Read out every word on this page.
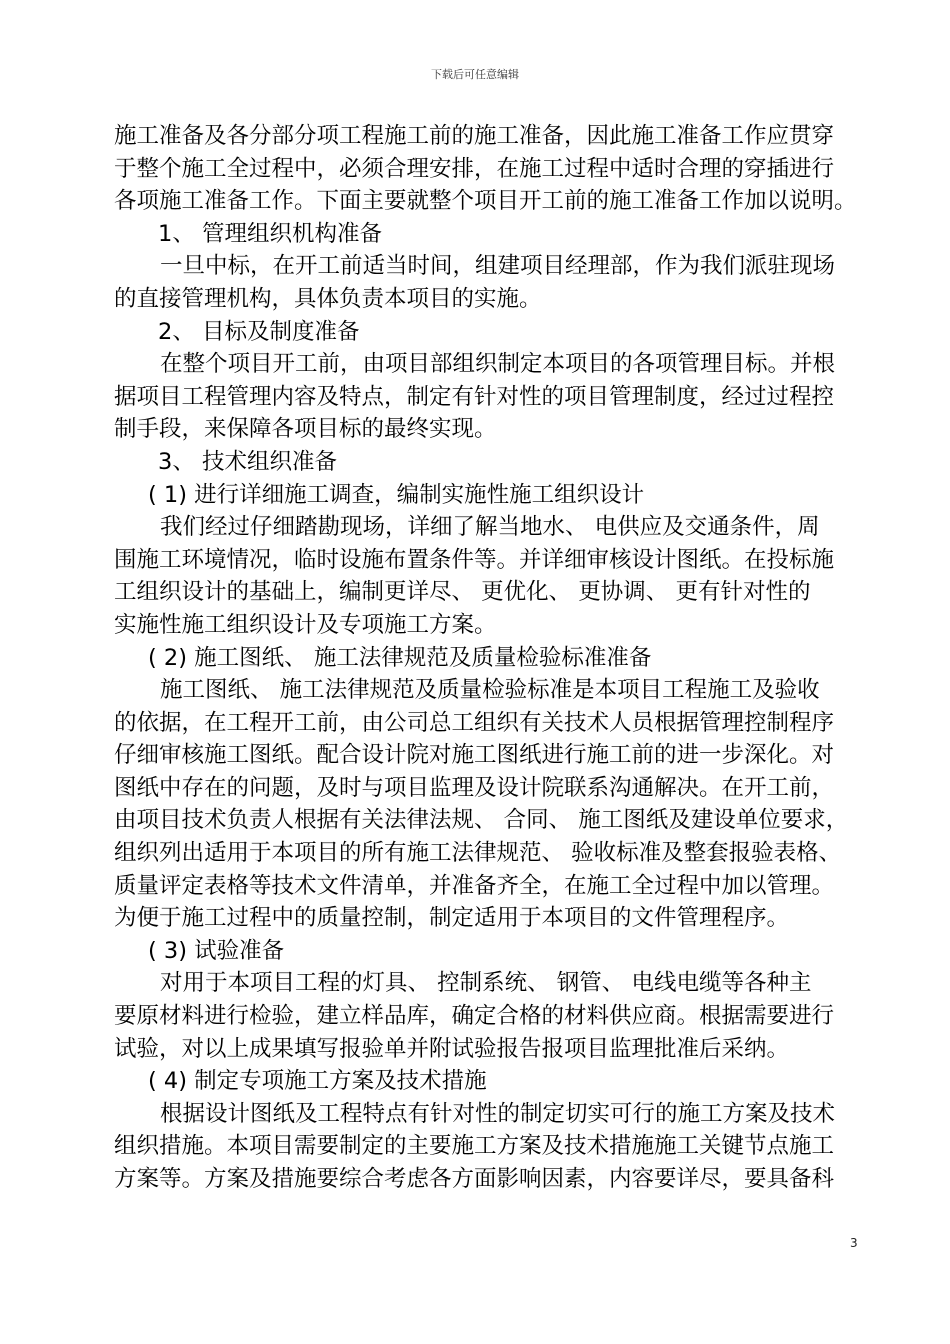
下载后可任意编辑
施工准备及各分部分项工程施工前的施工准备，因此施工准备工作应贯穿
于整个施工全过程中，必须合理安排，在施工过程中适时合理的穿插进行
各项施工准备工作。下面主要就整个项目开工前的施工准备工作加以说明。
1、 管理组织机构准备
一旦中标，在开工前适当时间，组建项目经理部，作为我们派驻现场
的直接管理机构，具体负责本项目的实施。
2、 目标及制度准备
在整个项目开工前，由项目部组织制定本项目的各项管理目标。并根
据项目工程管理内容及特点，制定有针对性的项目管理制度，经过过程控
制手段，来保障各项目标的最终实现。
3、 技术组织准备
( 1) 进行详细施工调查，编制实施性施工组织设计
我们经过仔细踏勘现场，详细了解当地水、 电供应及交通条件，周
围施工环境情况，临时设施布置条件等。并详细审核设计图纸。在投标施
工组织设计的基础上，编制更详尽、 更优化、 更协调、 更有针对性的
实施性施工组织设计及专项施工方案。
( 2) 施工图纸、 施工法律规范及质量检验标准准备
施工图纸、 施工法律规范及质量检验标准是本项目工程施工及验收
的依据，在工程开工前，由公司总工组织有关技术人员根据管理控制程序
仔细审核施工图纸。配合设计院对施工图纸进行施工前的进一步深化。对
图纸中存在的问题，及时与项目监理及设计院联系沟通解决。在开工前，
由项目技术负责人根据有关法律法规、 合同、 施工图纸及建设单位要求，
组织列出适用于本项目的所有施工法律规范、 验收标准及整套报验表格、
质量评定表格等技术文件清单，并准备齐全，在施工全过程中加以管理。
为便于施工过程中的质量控制，制定适用于本项目的文件管理程序。
( 3) 试验准备
对用于本项目工程的灯具、 控制系统、 钢管、 电线电缆等各种主
要原材料进行检验，建立样品库，确定合格的材料供应商。根据需要进行
试验，对以上成果填写报验单并附试验报告报项目监理批准后采纳。
( 4) 制定专项施工方案及技术措施
根据设计图纸及工程特点有针对性的制定切实可行的施工方案及技术
组织措施。本项目需要制定的主要施工方案及技术措施施工关键节点施工
方案等。方案及措施要综合考虑各方面影响因素，内容要详尽，要具备科
3
